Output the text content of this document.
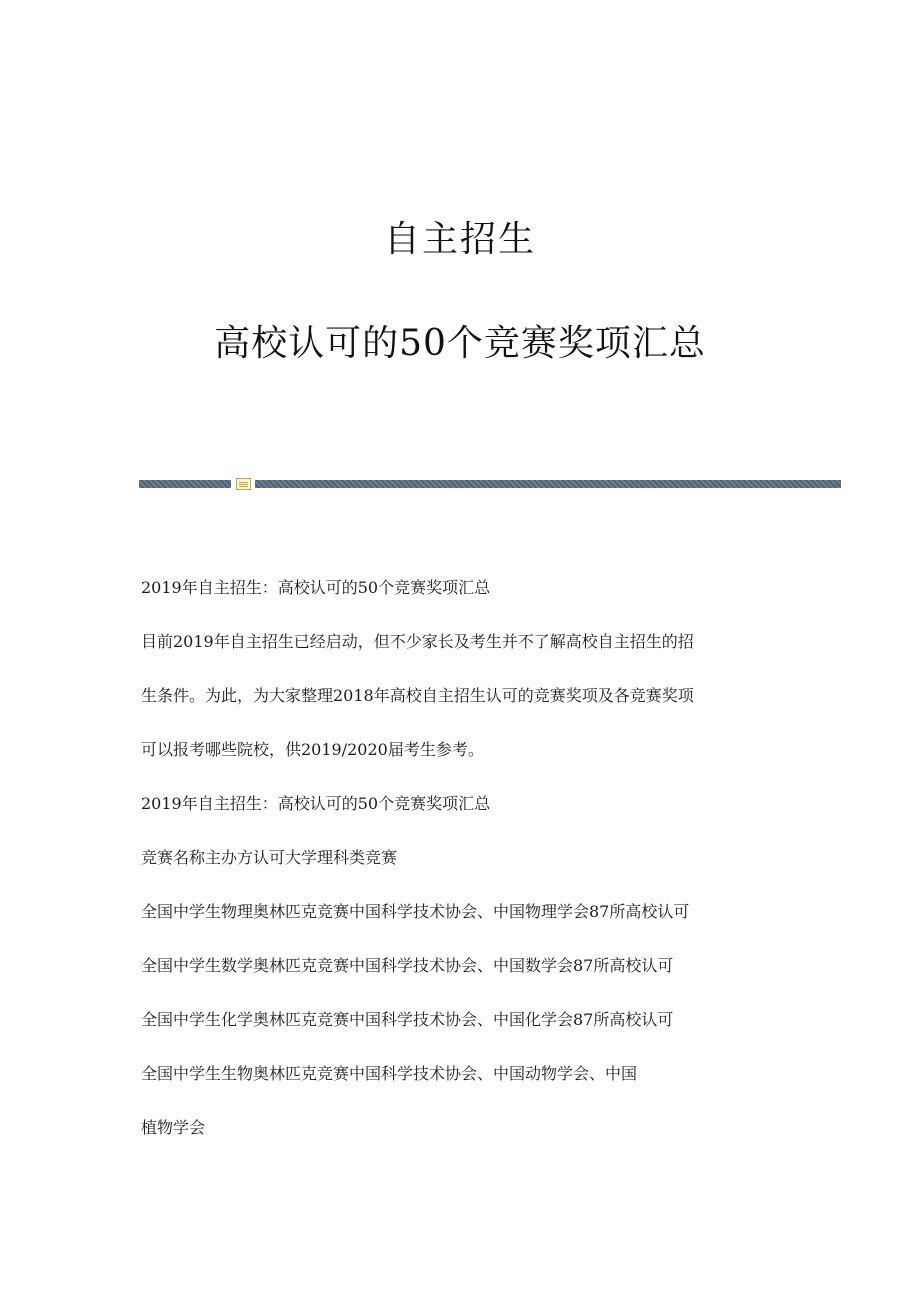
自主招生
高校认可的50个竞赛奖项汇总

2019年自主招生：高校认可的50个竞赛奖项汇总

目前2019年自主招生已经启动，但不少家长及考生并不了解高校自主招生的招

生条件。为此，为大家整理2018年高校自主招生认可的竞赛奖项及各竞赛奖项

可以报考哪些院校，供2019/2020届考生参考。

2019年自主招生：高校认可的50个竞赛奖项汇总

竞赛名称主办方认可大学理科类竞赛

全国中学生物理奥林匹克竞赛中国科学技术协会、中国物理学会87所高校认可

全国中学生数学奥林匹克竞赛中国科学技术协会、中国数学会87所高校认可

全国中学生化学奥林匹克竞赛中国科学技术协会、中国化学会87所高校认可

全国中学生生物奥林匹克竞赛中国科学技术协会、中国动物学会、中国

植物学会
